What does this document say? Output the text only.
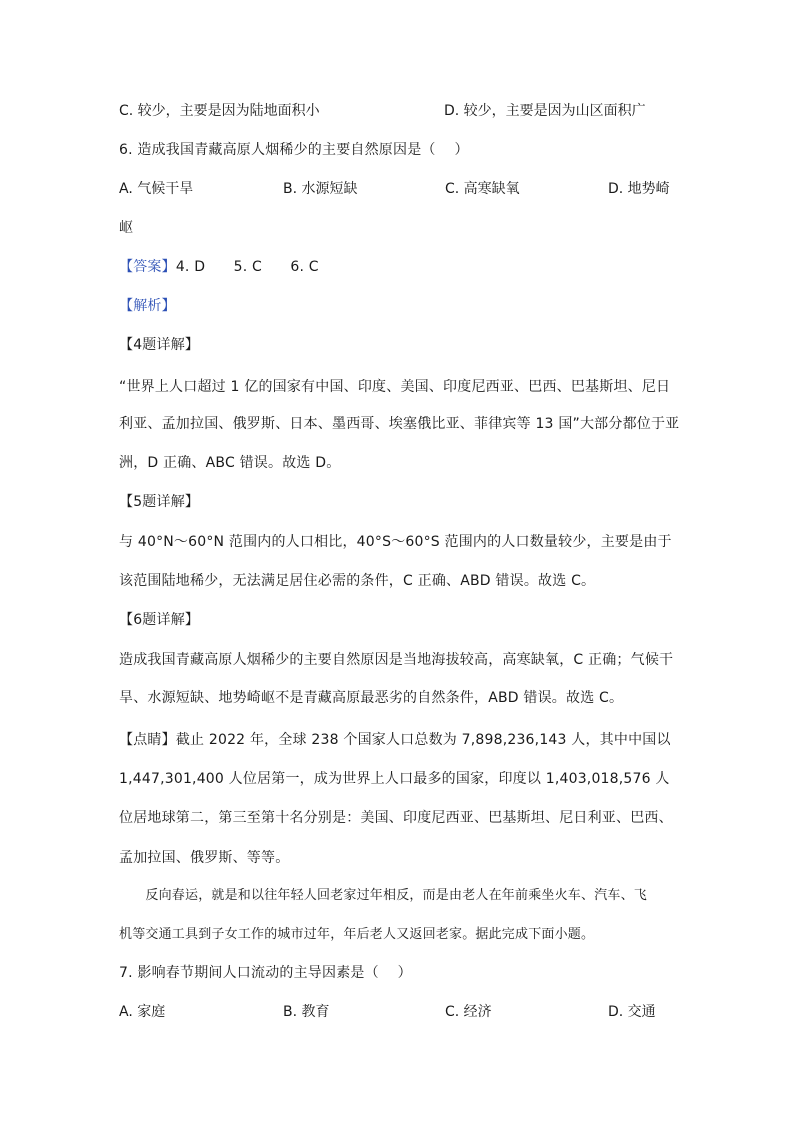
C. 较少，主要是因为陆地面积小	D. 较少，主要是因为山区面积广
6. 造成我国青藏高原人烟稀少的主要自然原因是（　 ）
A. 气候干旱	B. 水源短缺	C. 高寒缺氧	D. 地势崎
岖
【答案】4. D　　5. C　　6. C
【解析】
【4题详解】
“世界上人口超过 1 亿的国家有中国、印度、美国、印度尼西亚、巴西、巴基斯坦、尼日
利亚、孟加拉国、俄罗斯、日本、墨西哥、埃塞俄比亚、菲律宾等 13 国”大部分都位于亚
洲，D 正确、ABC 错误。故选 D。
【5题详解】
与 40°N～60°N 范围内的人口相比，40°S～60°S 范围内的人口数量较少，主要是由于
该范围陆地稀少，无法满足居住必需的条件，C 正确、ABD 错误。故选 C。
【6题详解】
造成我国青藏高原人烟稀少的主要自然原因是当地海拔较高，高寒缺氧，C 正确；气候干
旱、水源短缺、地势崎岖不是青藏高原最恶劣的自然条件，ABD 错误。故选 C。
【点睛】截止 2022 年，全球 238 个国家人口总数为 7,898,236,143 人，其中中国以
1,447,301,400 人位居第一，成为世界上人口最多的国家，印度以 1,403,018,576 人
位居地球第二，第三至第十名分别是：美国、印度尼西亚、巴基斯坦、尼日利亚、巴西、
孟加拉国、俄罗斯、等等。
　　反向春运，就是和以往年轻人回老家过年相反，而是由老人在年前乘坐火车、汽车、飞
机等交通工具到子女工作的城市过年，年后老人又返回老家。据此完成下面小题。
7. 影响春节期间人口流动的主导因素是（　 ）
A. 家庭	B. 教育	C. 经济	D. 交通
